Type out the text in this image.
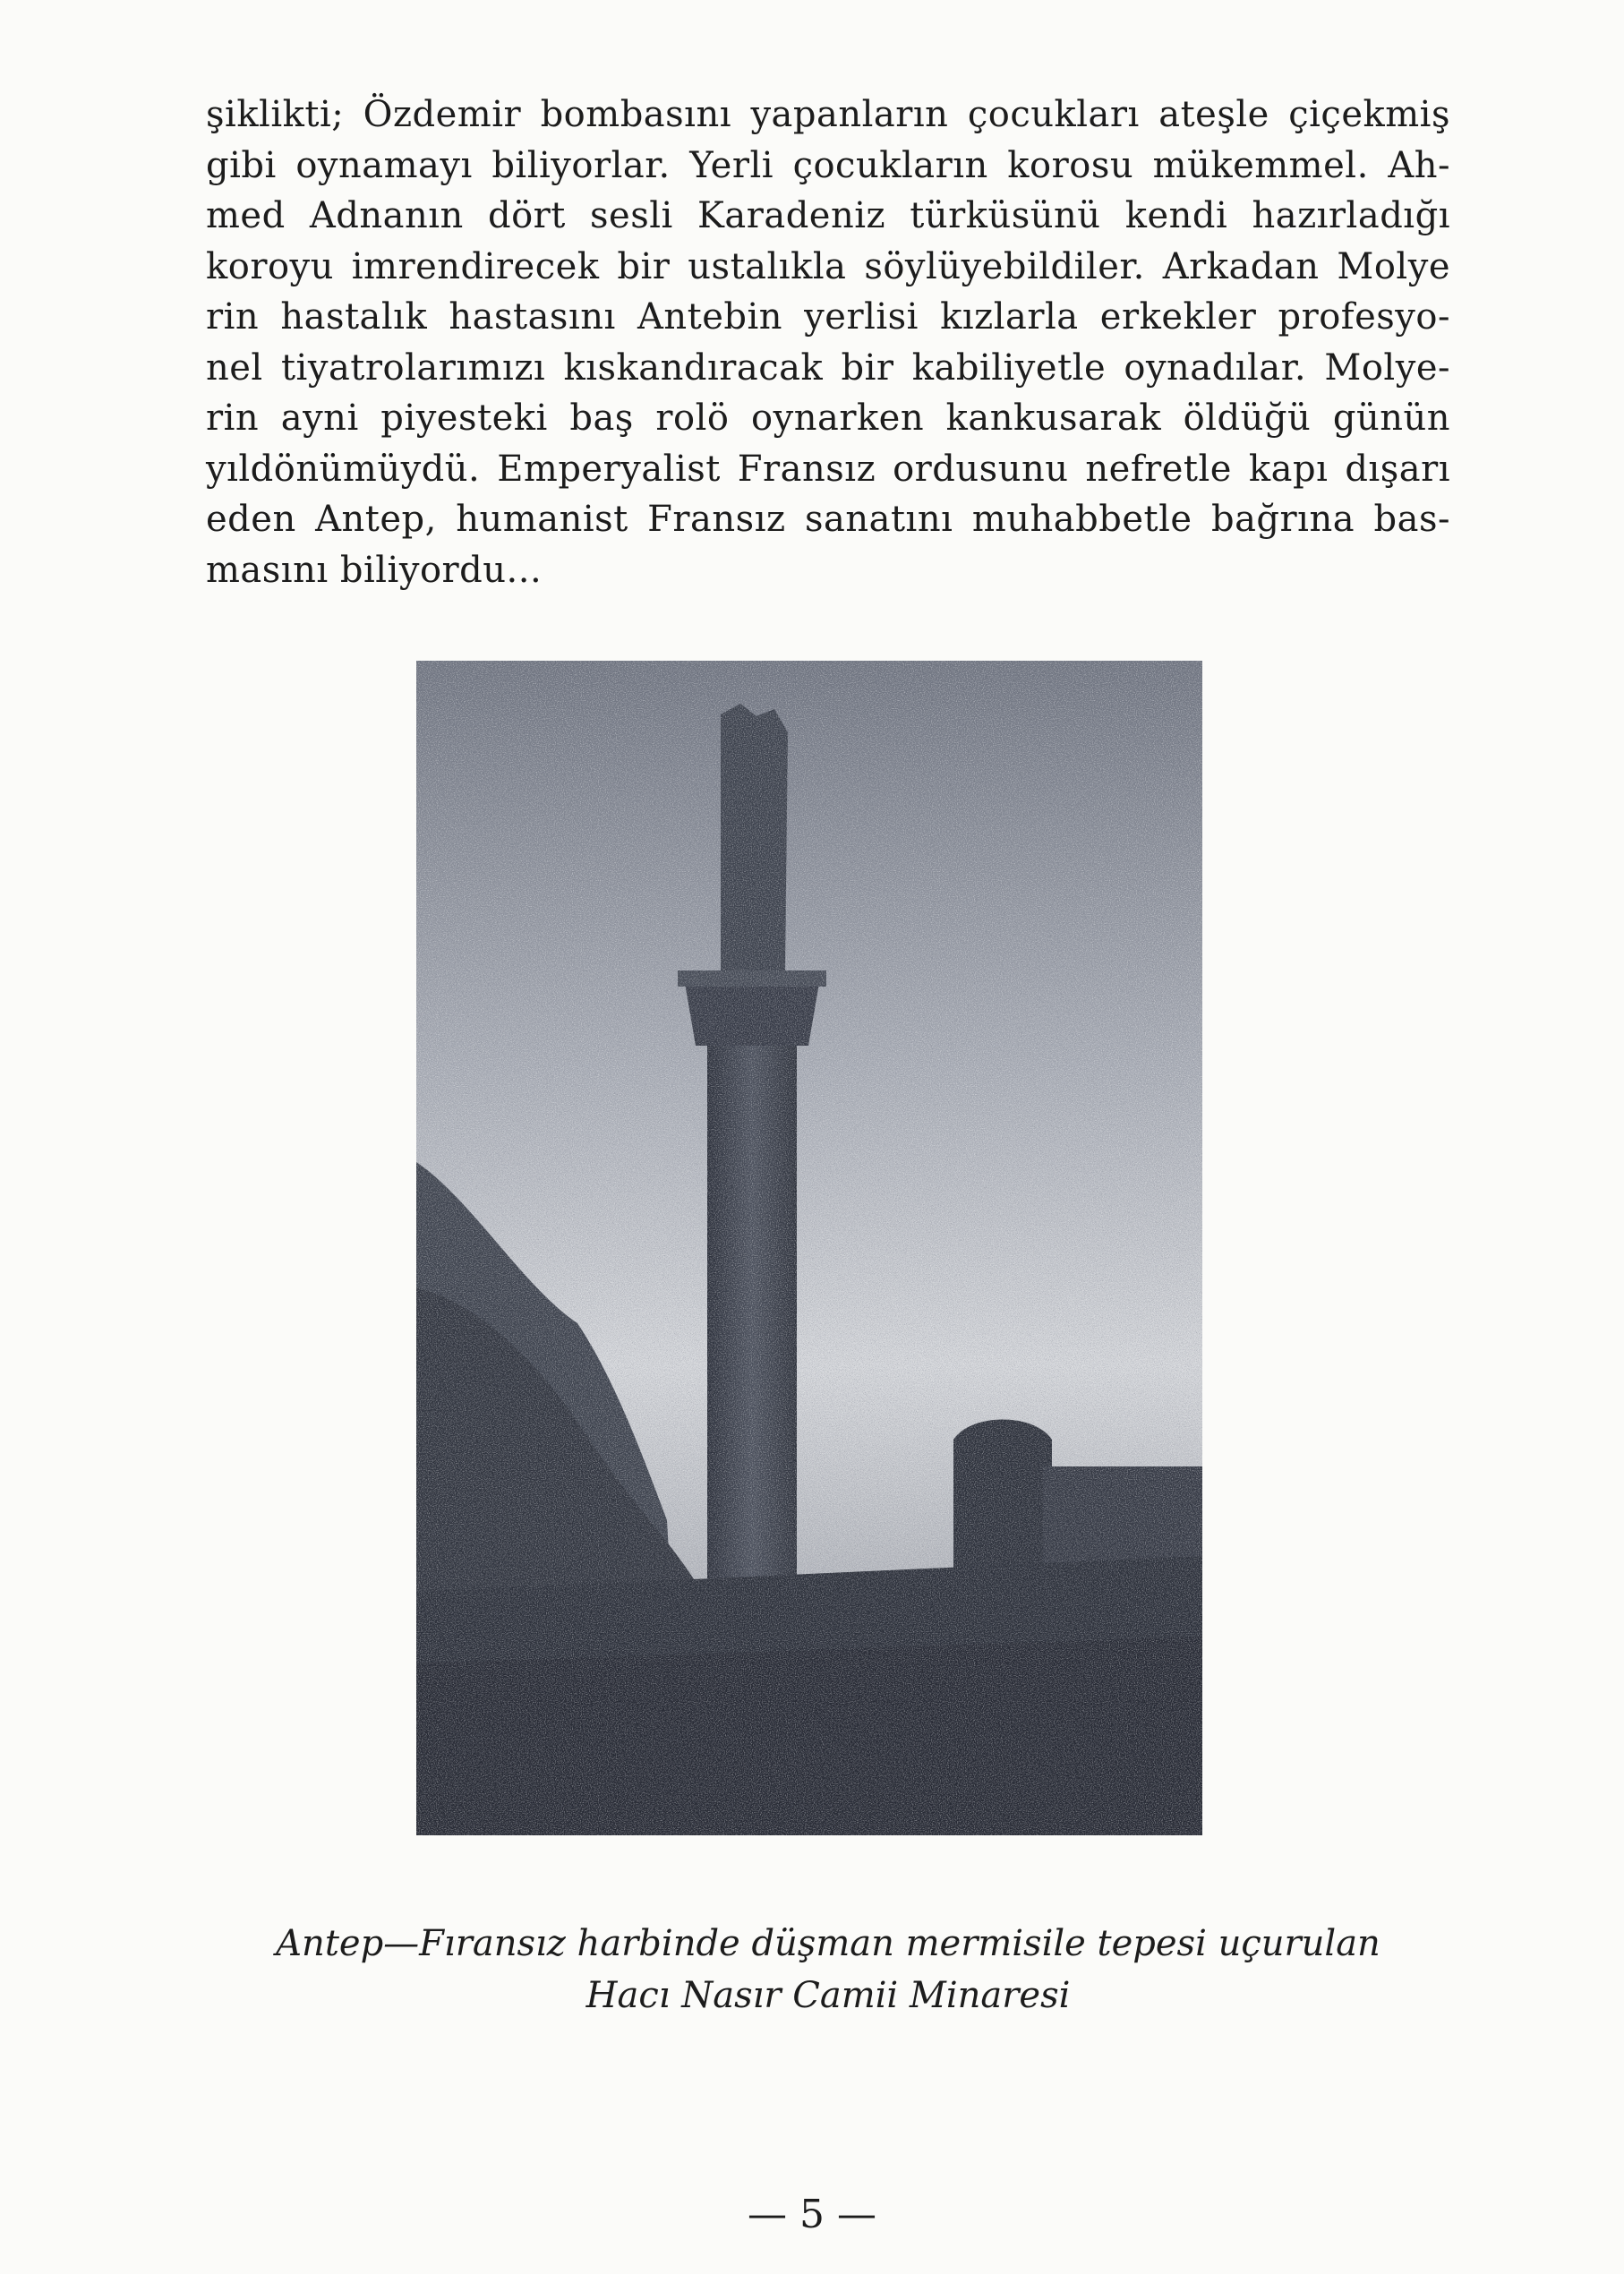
şiklikti; Özdemir bombasını yapanların çocukları ateşle çiçekmiş
gibi oynamayı biliyorlar. Yerli çocukların korosu mükemmel. Ah-
med Adnanın dört sesli Karadeniz türküsünü kendi hazırladığı
koroyu imrendirecek bir ustalıkla söylüyebildiler. Arkadan Molye
rin hastalık hastasını Antebin yerlisi kızlarla erkekler profesyo-
nel tiyatrolarımızı kıskandıracak bir kabiliyetle oynadılar. Molye-
rin ayni piyesteki baş rolö oynarken kankusarak öldüğü günün
yıldönümüydü. Emperyalist Fransız ordusunu nefretle kapı dışarı
eden Antep, humanist Fransız sanatını muhabbetle bağrına bas-
masını biliyordu...
Antep—Fıransız harbinde düşman mermisile tepesi uçurulan
Hacı Nasır Camii Minaresi
— 5 —
